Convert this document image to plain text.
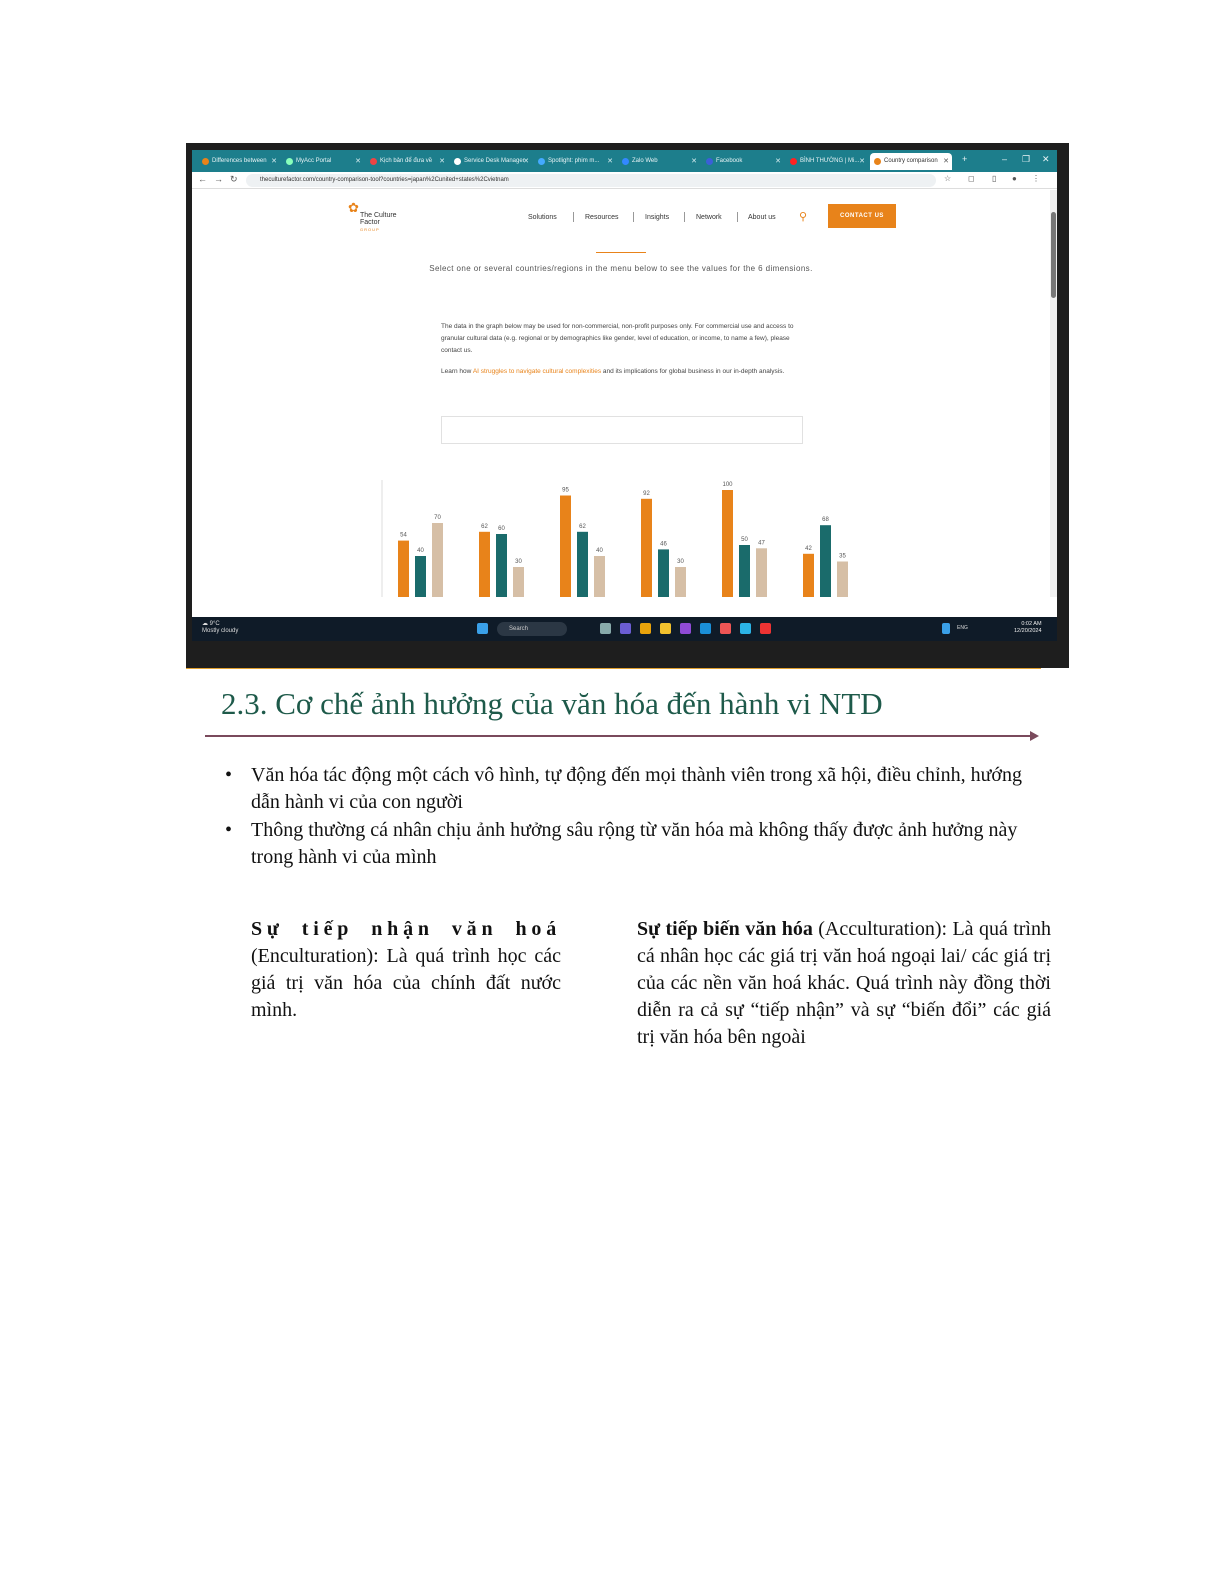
Differences between ✕	MyAcc Portal	✕	Kịch bản để đưa về ✕	Service Desk Manager
✕	Spotlight: phim m... ✕	Zalo Web	✕	Facebook	✕	BÌNH THƯỜNG | Mi... ✕	Country comparison ✕ +	– ❐ ✕
← → ↻	theculturefactor.com/country-comparison-tool?countries=japan%2Cunited+states%2Cvietnam	☆ ◻ ▯ ● ⋮
✿
The Culture
Factor
GROUP
Solutions	Resources	Insights	Network	About us ⚲	CONTACT US
Select one or several countries/regions in the menu below to see the values for the 6 dimensions.
The data in the graph below may be used for non-commercial, non-profit purposes only. For commercial use and access to granular cultural data (e.g. regional or by demographics like gender, level of education, or income, to name a few), please contact us.
Learn how AI struggles to navigate cultural complexities and its implications for global business in our in-depth analysis.
Japan ×	United States ×	Vietnam ×
54
62
95
92
100
42
40
60	62
46
50
68
70
30
40
30
47
35
☁ 9°C
Mostly cloudy	Search	ENG
0:02 AM
12/20/2024
2.3. Cơ chế ảnh hưởng của văn hóa đến hành vi NTD
• Văn hóa tác động một cách vô hình, tự động đến mọi thành viên trong xã hội, điều chỉnh, hướng dẫn hành vi của con người
• Thông thường cá nhân chịu ảnh hưởng sâu rộng từ văn hóa mà không thấy được ảnh hưởng này trong hành vi của mình
Sự tiếp nhận văn hoá (Enculturation): Là quá trình học các giá trị văn hóa của chính đất nước mình.
Sự tiếp biến văn hóa (Acculturation): Là quá trình cá nhân học các giá trị văn hoá ngoại lai/ các giá trị của các nền văn hoá khác. Quá trình này đồng thời diễn ra cả sự “tiếp nhận” và sự “biến đổi” các giá trị văn hóa bên ngoài
